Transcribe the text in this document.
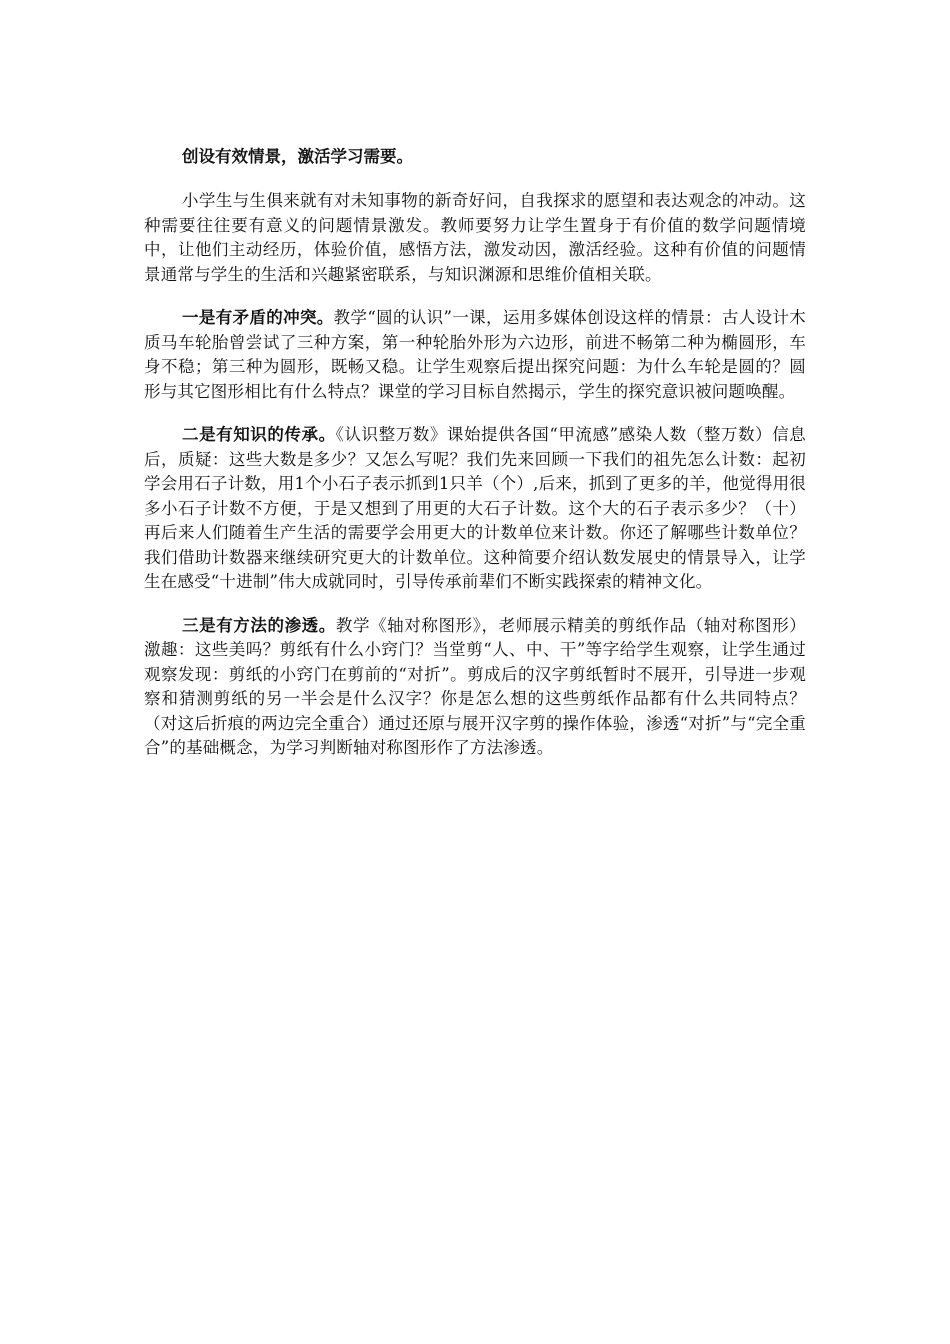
创设有效情景，激活学习需要。

小学生与生俱来就有对未知事物的新奇好问，自我探求的愿望和表达观念的冲动。这种需要往往要有意义的问题情景激发。教师要努力让学生置身于有价值的数学问题情境中，让他们主动经历，体验价值，感悟方法，激发动因，激活经验。这种有价值的问题情景通常与学生的生活和兴趣紧密联系，与知识渊源和思维价值相关联。

一是有矛盾的冲突。教学“圆的认识”一课，运用多媒体创设这样的情景：古人设计木质马车轮胎曾尝试了三种方案，第一种轮胎外形为六边形，前进不畅第二种为椭圆形，车身不稳；第三种为圆形，既畅又稳。让学生观察后提出探究问题：为什么车轮是圆的？圆形与其它图形相比有什么特点？课堂的学习目标自然揭示，学生的探究意识被问题唤醒。

二是有知识的传承。《认识整万数》课始提供各国“甲流感”感染人数（整万数）信息后，质疑：这些大数是多少？又怎么写呢？我们先来回顾一下我们的祖先怎么计数：起初学会用石子计数，用1个小石子表示抓到1只羊（个）,后来，抓到了更多的羊，他觉得用很多小石子计数不方便，于是又想到了用更的大石子计数。这个大的石子表示多少？（十）再后来人们随着生产生活的需要学会用更大的计数单位来计数。你还了解哪些计数单位？我们借助计数器来继续研究更大的计数单位。这种简要介绍认数发展史的情景导入，让学生在感受“十进制”伟大成就同时，引导传承前辈们不断实践探索的精神文化。

三是有方法的渗透。教学《轴对称图形》，老师展示精美的剪纸作品（轴对称图形）激趣：这些美吗？剪纸有什么小窍门？当堂剪“人、中、干”等字给学生观察，让学生通过观察发现：剪纸的小窍门在剪前的“对折”。剪成后的汉字剪纸暂时不展开，引导进一步观察和猜测剪纸的另一半会是什么汉字？你是怎么想的这些剪纸作品都有什么共同特点？（对这后折痕的两边完全重合）通过还原与展开汉字剪的操作体验，渗透“对折”与“完全重合”的基础概念，为学习判断轴对称图形作了方法渗透。
